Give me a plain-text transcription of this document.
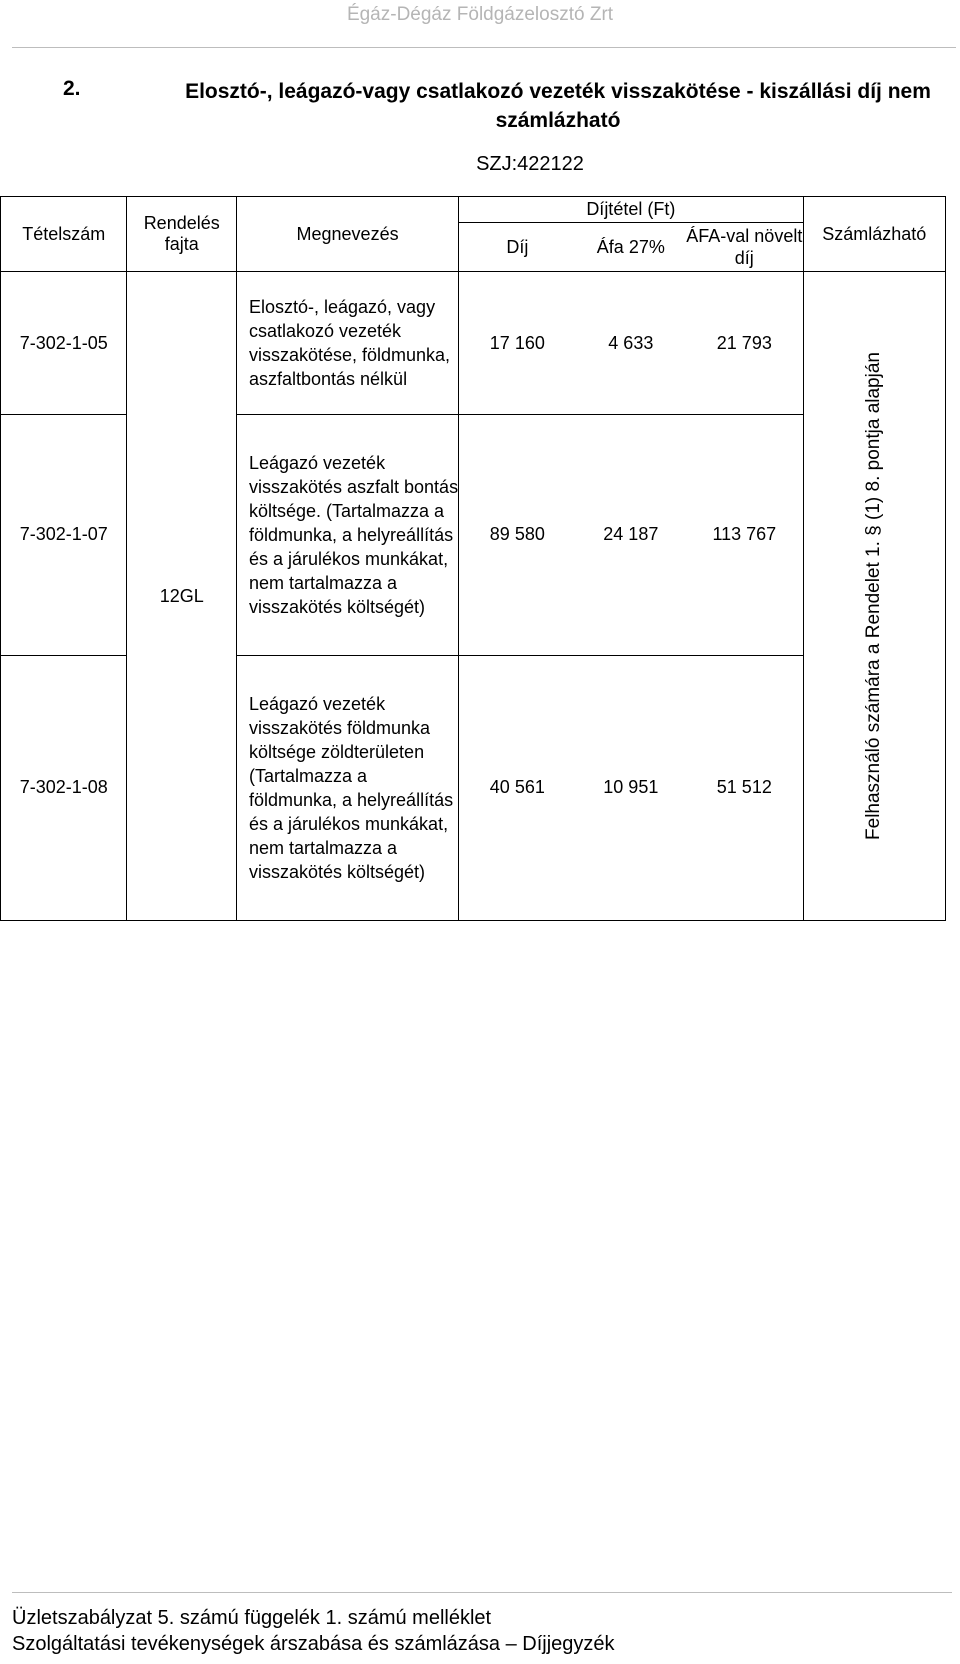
Égáz-Dégáz Földgázelosztó Zrt
2.	Elosztó-, leágazó-vagy csatlakozó vezeték visszakötése - kiszállási díj nem számlázható
SZJ:422122
Tételszám	Rendelés fajta	Megnevezés	Díjtétel (Ft)			Számlázható
			Díj	Áfa 27%	ÁFA-val növelt díj	
7-302-1-05	12GL	Elosztó-, leágazó, vagy csatlakozó vezeték visszakötése, földmunka, aszfaltbontás nélkül	17 160	4 633	21 793	Felhasználó számára a Rendelet 1. § (1) 8. pontja alapján

7-302-1-07		Leágazó vezeték visszakötés aszfalt bontás költsége. (Tartalmazza a földmunka, a helyreállítás és a járulékos munkákat, nem tartalmazza a visszakötés költségét)	89 580	24 187	113 767	
7-302-1-08		Leágazó vezeték visszakötés földmunka költsége zöldterületen (Tartalmazza a földmunka, a helyreállítás és a járulékos munkákat, nem tartalmazza a visszakötés költségét)	40 561	10 951	51 512	
Üzletszabályzat 5. számú függelék 1. számú melléklet
Szolgáltatási tevékenységek árszabása és számlázása – Díjjegyzék
